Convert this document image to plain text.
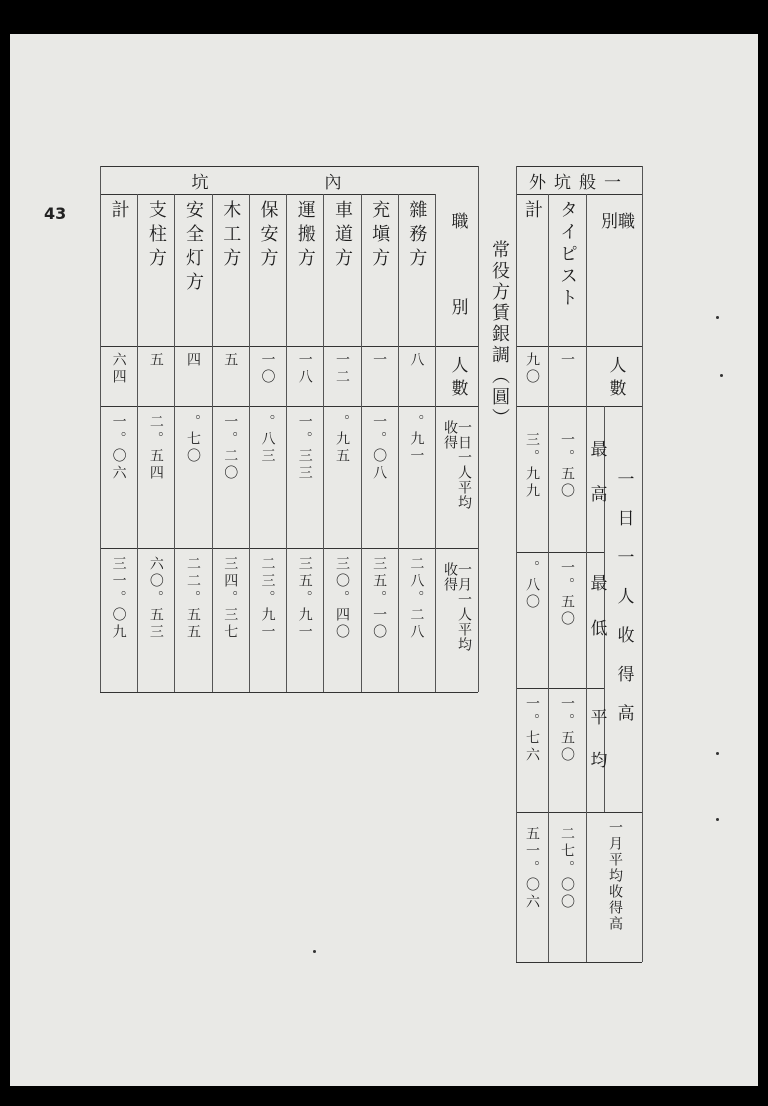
43
坑　　　　　　內
職　別
人數
一日一人平均收得
一月一人平均收得
雜務方
八
。九一
二八。二八
充塡方
一
一。〇八
三五。一〇
車道方
一二
。九五
三〇。四〇
運搬方
一八
一。三三
三五。九一
保安方
一〇
。八三
二三。九一
木工方
五
一。二〇
三四。三七
安全灯方
四
。七〇
二二。五五
支柱方
五
二。五四
六〇。五三
計
六四
一。〇六
三一。〇九
常役方賃銀調（圓）
一般坑外
職　別
人數
一日一人收得高
最高
最低
平均
一月平均收得高
タイピスト
一
一。五〇
一。五〇
一。五〇
二七。〇〇
計
九〇
三。九九
。八〇
一。七六
五一。〇六
